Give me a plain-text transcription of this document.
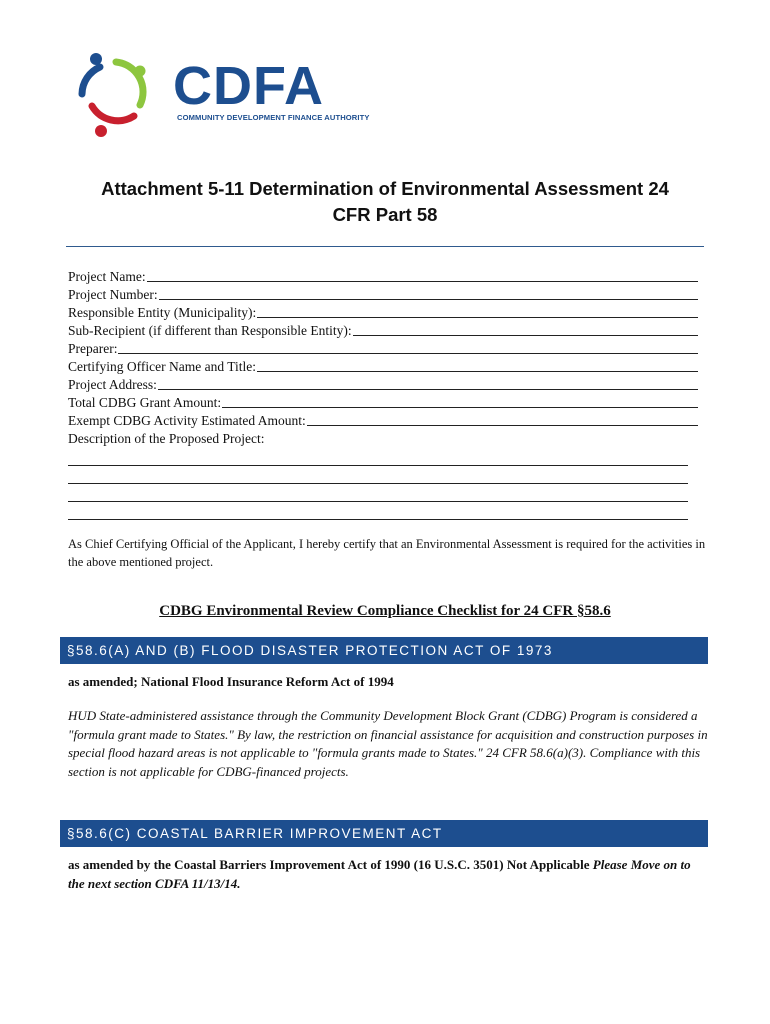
CDFA
COMMUNITY DEVELOPMENT FINANCE AUTHORITY
Attachment 5-11 Determination of Environmental Assessment 24
CFR Part 58
Project Name:
Project Number:
Responsible Entity (Municipality):
Sub-Recipient (if different than Responsible Entity):
Preparer:
Certifying Officer Name and Title:
Project Address:
Total CDBG Grant Amount:
Exempt CDBG Activity Estimated Amount:
Description of the Proposed Project:
As Chief Certifying Official of the Applicant, I hereby certify that an Environmental Assessment is required for the activities in the above mentioned project.
CDBG Environmental Review Compliance Checklist for 24 CFR §58.6
§58.6(A) AND (B) FLOOD DISASTER PROTECTION ACT OF 1973
as amended; National Flood Insurance Reform Act of 1994
HUD State-administered assistance through the Community Development Block Grant (CDBG) Program is considered a "formula grant made to States." By law, the restriction on financial assistance for acquisition and construction purposes in special flood hazard areas is not applicable to "formula grants made to States." 24 CFR 58.6(a)(3). Compliance with this section is not applicable for CDBG-financed projects.
§58.6(C) COASTAL BARRIER IMPROVEMENT ACT
as amended by the Coastal Barriers Improvement Act of 1990 (16 U.S.C. 3501) Not Applicable Please Move on to the next section CDFA 11/13/14.
